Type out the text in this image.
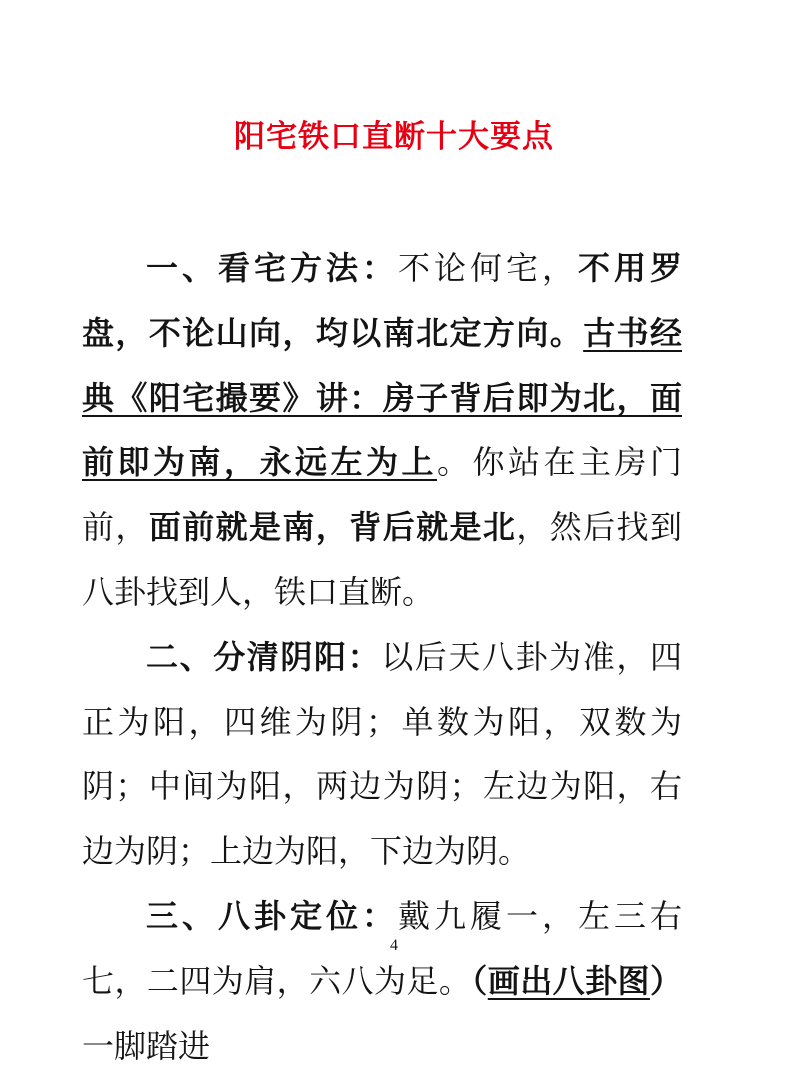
阳宅铁口直断十大要点

一、看宅方法：不论何宅，不用罗盘，不论山向，均以南北定方向。古书经典《阳宅撮要》讲：房子背后即为北，面前即为南，永远左为上。你站在主房门前，面前就是南，背后就是北，然后找到八卦找到人，铁口直断。

二、分清阴阳：以后天八卦为准，四正为阳，四维为阴；单数为阳，双数为阴；中间为阳，两边为阴；左边为阳，右边为阴；上边为阳，下边为阴。

三、八卦定位：戴九履一，左三右七，二四为肩，六八为足。（画出八卦图）一脚踏进

4
